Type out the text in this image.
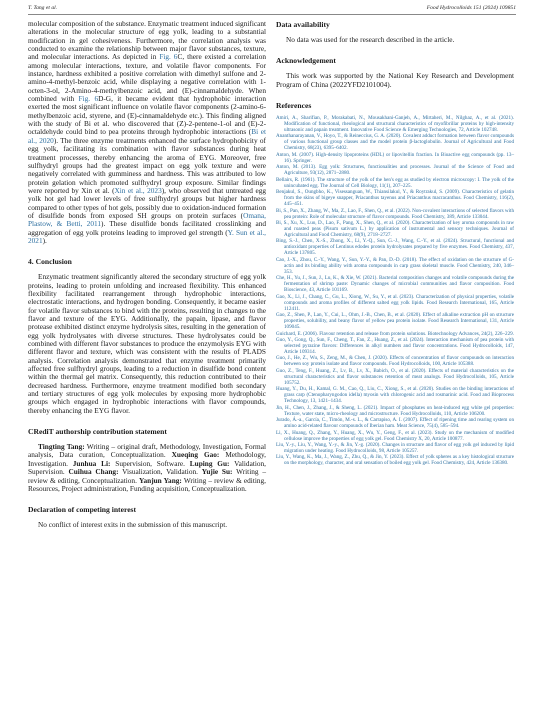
T. Tang et al.	Food Hydrocolloids 151 (2024) 109851

molecular composition of the substance. Enzymatic treatment induced significant alterations in the molecular structure of egg yolk, leading to a substantial modification in gel cohesiveness. Furthermore, the correlation analysis was conducted to examine the relationship between major flavor substances, texture, and molecular interactions. As depicted in Fig. 6C, there existed a correlation among molecular interactions, texture, and volatile flavor components. For instance, hardness exhibited a positive correlation with dimethyl sulfone and 2-amino-4-methyl-benzoic acid, while displaying a negative correlation with 1-octen-3-ol, 2-Amino-4-methylbenzoic acid, and (E)-cinnamaldehyde. When combined with Fig. 6D-G, it became evident that hydrophobic interaction exerted the most significant influence on volatile flavor components (2-amino-6-methylbenzoic acid, styrene, and (E)-cinnamaldehyde etc.). This finding aligned with the study of Bi et al. who discovered that (Z)-2-pentene-1-ol and (E)-2-octaldehyde could bind to pea proteins through hydrophobic interactions (Bi et al., 2020). The three enzyme treatments enhanced the surface hydrophobicity of egg yolk, facilitating its combination with flavor substances during heat treatment processes, thereby enhancing the aroma of EYG. Moreover, free sulfhydryl groups had the greatest impact on egg yolk texture and were negatively correlated with gumminess and hardness. This was attributed to low protein gelation which promoted sulfhydryl group exposure. Similar findings were reported by Xin et al. (Xin et al., 2023), who observed that untreated egg yolk hot gel had lower levels of free sulfhydryl groups but higher hardness compared to other types of hot gels, possibly due to oxidation-induced formation of disulfide bonds from exposed SH groups on protein surfaces (Omana, Plastow, & Betti, 2011). These disulfide bonds facilitated crosslinking and aggregation of egg yolk proteins leading to improved gel strength (Y. Sun et al., 2021).

4. Conclusion

Enzymatic treatment significantly altered the secondary structure of egg yolk proteins, leading to protein unfolding and increased flexibility. This enhanced flexibility facilitated rearrangement through hydrophobic interactions, electrostatic interactions, and hydrogen bonding. Consequently, it became easier for volatile flavor substances to bind with the proteins, resulting in changes to the flavor and texture of the EYG. Additionally, the papain, lipase, and flavor protease exhibited distinct enzyme hydrolysis sites, resulting in the generation of egg yolk hydrolysates with diverse structures. These hydrolysates could be combined with different flavor substances to produce the enzymolysis EYG with different flavor and texture, which was consistent with the results of PLADS analysis. Correlation analysis demonstrated that enzyme treatment primarily affected free sulfhydryl groups, leading to a reduction in disulfide bond content within the thermal gel matrix. Consequently, this reduction contributed to their decreased hardness. Furthermore, enzyme treatment modified both secondary and tertiary structures of egg yolk molecules by exposing more hydrophobic groups which engaged in hydrophobic interactions with flavor compounds, thereby enhancing the EYG flavor.

CRediT authorship contribution statement

Tingting Tang: Writing – original draft, Methodology, Investigation, Formal analysis, Data curation, Conceptualization. Xueqing Gao: Methodology, Investigation. Junhua Li: Supervision, Software. Luping Gu: Validation, Supervision. Cuihua Chang: Visualization, Validation. Yujie Su: Writing – review & editing, Conceptualization. Yanjun Yang: Writing – review & editing, Resources, Project administration, Funding acquisition, Conceptualization.

Declaration of competing interest

No conflict of interest exits in the submission of this manuscript.

Data availability

No data was used for the research described in the article.

Acknowledgement

This work was supported by the National Key Research and Development Program of China (2022YFD2101004).

References
Amiri, A., Sharifian, P., Morakabati, N., Mousakhani-Ganjeh, A., Mirtaheri, M., Nilghaz, A., et al. (2021). Modification of functional, rheological and structural characteristics of myofibrillar proteins by high-intensity ultrasonic and papain treatment. Innovative Food Science & Emerging Technologies, 72, Article 102748.
Ananthanarayanan, V., Hoyo, T., & Reineccius, G. A. (2020). Covalent adduct formation between flavor compounds of various functional group classes and the model protein β-lactoglobulin. Journal of Agricultural and Food Chemistry, 68(23), 6395–6402.
Anton, M. (2007). High-density lipoproteins (HDL) or lipovitellin fraction. In Bioactive egg compounds (pp. 13–16). Springer.
Anton, M. (2013). Egg yolk: Structures, functionalities and processes. Journal of the Science of Food and Agriculture, 93(12), 2871–2880.
Bellairs, R. (1961). The structure of the yolk of the hen's egg as studied by electron microscopy: I. The yolk of the unincubated egg. The Journal of Cell Biology, 11(1), 207–225.
Benjakul, S., Oungbho, K., Visessanguan, W., Thiansilakul, Y., & Roytrakul, S. (2009). Characteristics of gelatin from the skins of bigeye snapper, Priacanthus tayenus and Priacanthus macracanthus. Food Chemistry, 116(2), 445–451.
Bi, S., Pan, X., Zhang, W., Ma, Z., Lao, F., Shen, Q., et al. (2022). Non-covalent interactions of selected flavors with pea protein: Role of molecular structure of flavor compounds. Food Chemistry, 389, Article 133044.
Bi, S., Xu, X., Luo, D., Lao, F., Pang, X., Shen, Q., et al. (2020). Characterization of key aroma compounds in raw and roasted peas (Pisum sativum L.) by application of instrumental and sensory techniques. Journal of Agricultural and Food Chemistry, 68(9), 2718–2727.
Bing, S.-J., Chen, X.-S., Zhong, X., Li, Y.-Q., Sun, G.-J., Wang, C.-Y., et al. (2024). Structural, functional and antioxidant properties of Lentinus edodes protein hydrolysates prepared by five enzymes. Food Chemistry, 437, Article 137805.
Cao, J.-X., Zhou, C.-Y., Wang, Y., Sun, Y.-Y., & Pan, D.-D. (2018). The effect of oxidation on the structure of G-actin and its binding ability with aroma compounds in carp grass skeletal muscle. Food Chemistry, 240, 346–353.
Che, H., Yu, J., Sun, J., Lu, K., & Xie, W. (2021). Bacterial composition changes and volatile compounds during the fermentation of shrimp paste: Dynamic changes of microbial communities and flavor composition. Food Bioscience, 43, Article 101169.
Gao, X., Li, J., Chang, C., Gu, L., Xiong, W., Su, Y., et al. (2023). Characterization of physical properties, volatile compounds and aroma profiles of different salted egg yolk lipids. Food Research International, 165, Article 112411.
Gao, Z., Shen, P., Lan, Y., Cui, L., Ohm, J.-B., Chen, B., et al. (2020). Effect of alkaline extraction pH on structure properties, solubility, and beany flavor of yellow pea protein isolate. Food Research International, 131, Article 109045.
Guichard, E. (2006). Flavour retention and release from protein solutions. Biotechnology Advances, 24(2), 226–229.
Guo, Y., Gong, Q., Sun, F., Cheng, T., Fan, Z., Huang, Z., et al. (2024). Interaction mechanism of pea protein with selected pyrazine flavors: Differences in alkyl numbers and flavor concentrations. Food Hydrocolloids, 147, Article 109314.
Guo, J., He, Z., Wu, S., Zeng, M., & Chen, J. (2020). Effects of concentration of flavor compounds on interaction between soy protein isolate and flavor compounds. Food Hydrocolloids, 100, Article 105388.
Guo, Z., Teng, F., Huang, Z., Lv, B., Lv, X., Babich, O., et al. (2020). Effects of material characteristics on the structural characteristics and flavor substances retention of meat analogs. Food Hydrocolloids, 105, Article 105752.
Huang, Y., Du, H., Kamal, G. M., Cao, Q., Liu, C., Xiong, S., et al. (2020). Studies on the binding interactions of grass carp (Ctenopharyngodon idella) myosin with chlorogenic acid and rosmarinic acid. Food and Bioprocess Technology, 13, 1421–1434.
Jin, H., Chen, J., Zhang, J., & Sheng, L. (2021). Impact of phosphates on heat-induced egg white gel properties: Texture, water state, micro-rheology and microstructure. Food Hydrocolloids, 110, Article 106200.
Jurado, Á.-a., García, C., Timón, M.-s. L., & Carrapiso, A. I. (2007). Effect of ripening time and rearing system on amino acid-related flavour compounds of Iberian ham. Meat Science, 75(4), 585–594.
Li, X., Huang, Q., Zhang, Y., Huang, X., Wu, Y., Geng, F., et al. (2023). Study on the mechanism of modified cellulose improve the properties of egg yolk gel. Food Chemistry X, 20, Article 100877.
Liu, Y.-y., Liu, Y., Wang, Y.-y., & Jin, Y.-g. (2020). Changes in structure and flavor of egg yolk gel induced by lipid migration under heating. Food Hydrocolloids, 98, Article 105257.
Liu, Y., Wang, K., Ma, J., Wang, Z., Zhu, Q., & Jin, Y. (2023). Effect of yolk spheres as a key histological structure on the morphology, character, and oral sensation of boiled egg yolk gel. Food Chemistry, 424, Article 136380.
